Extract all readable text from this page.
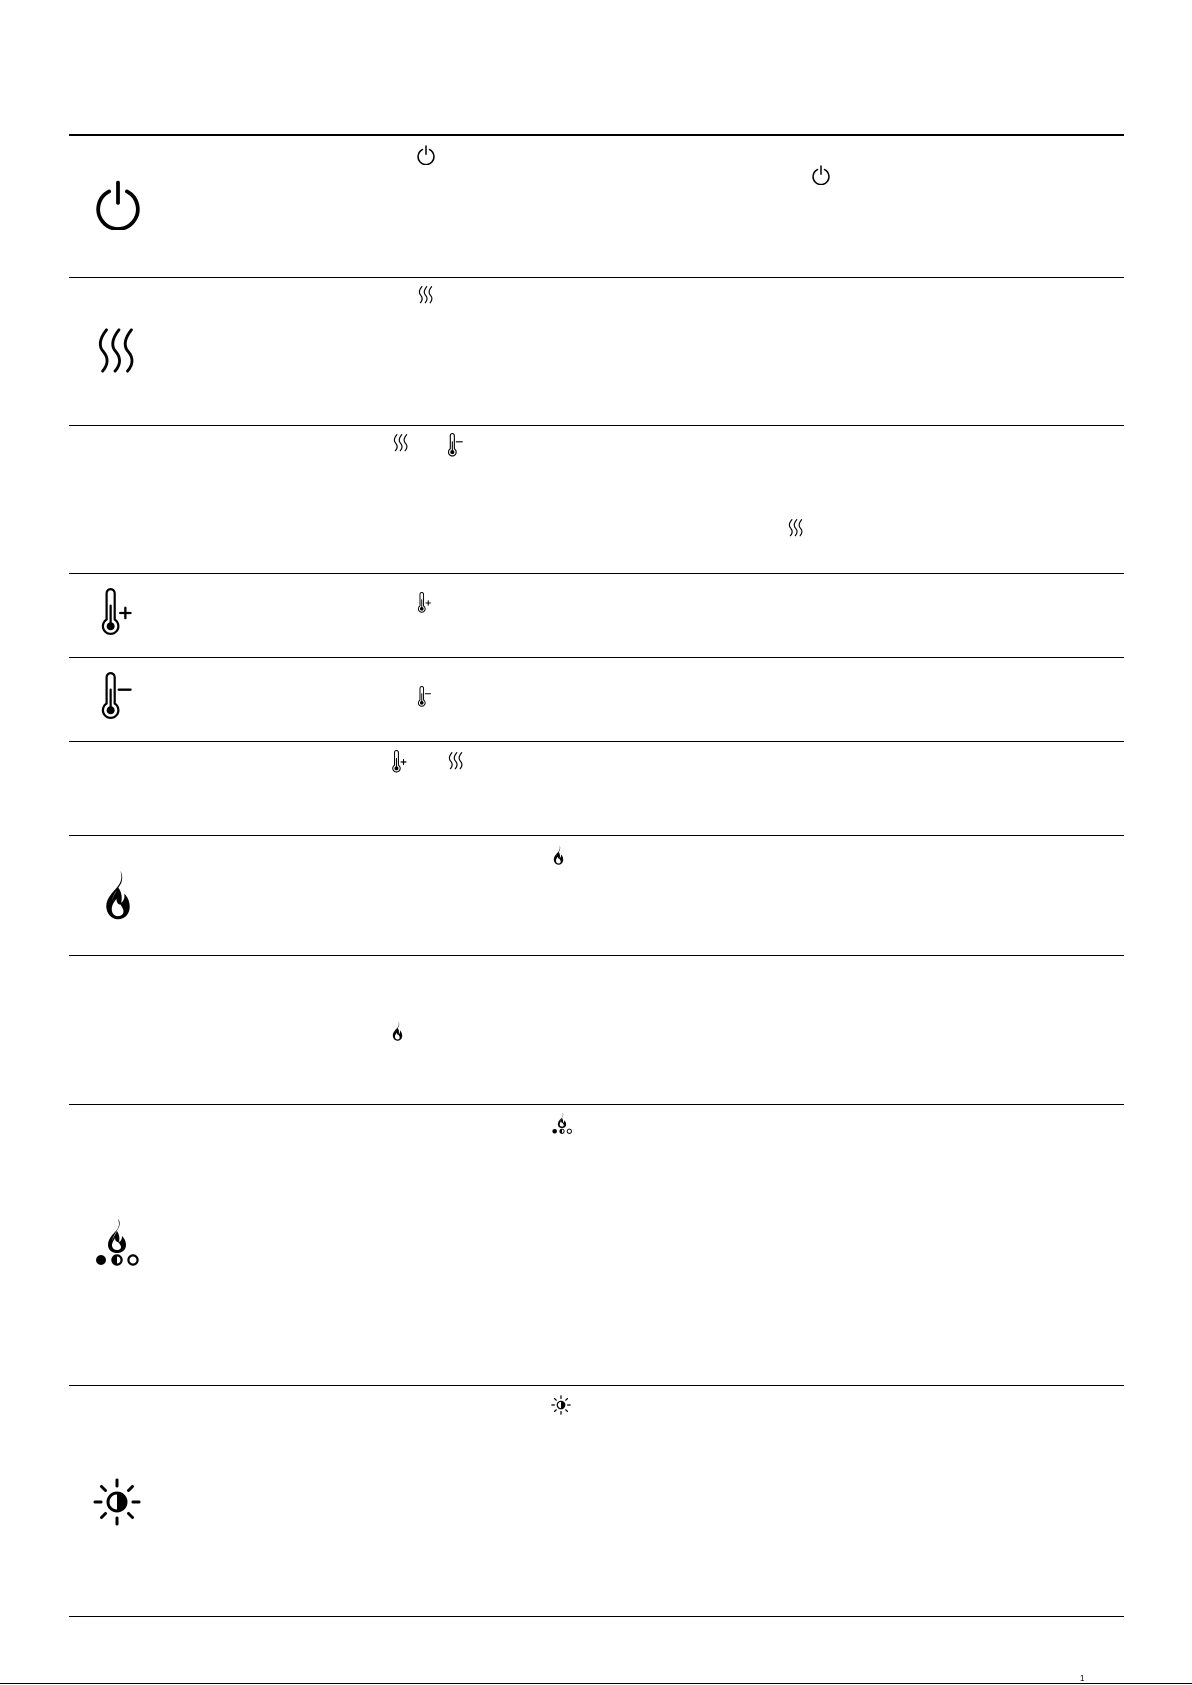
1
